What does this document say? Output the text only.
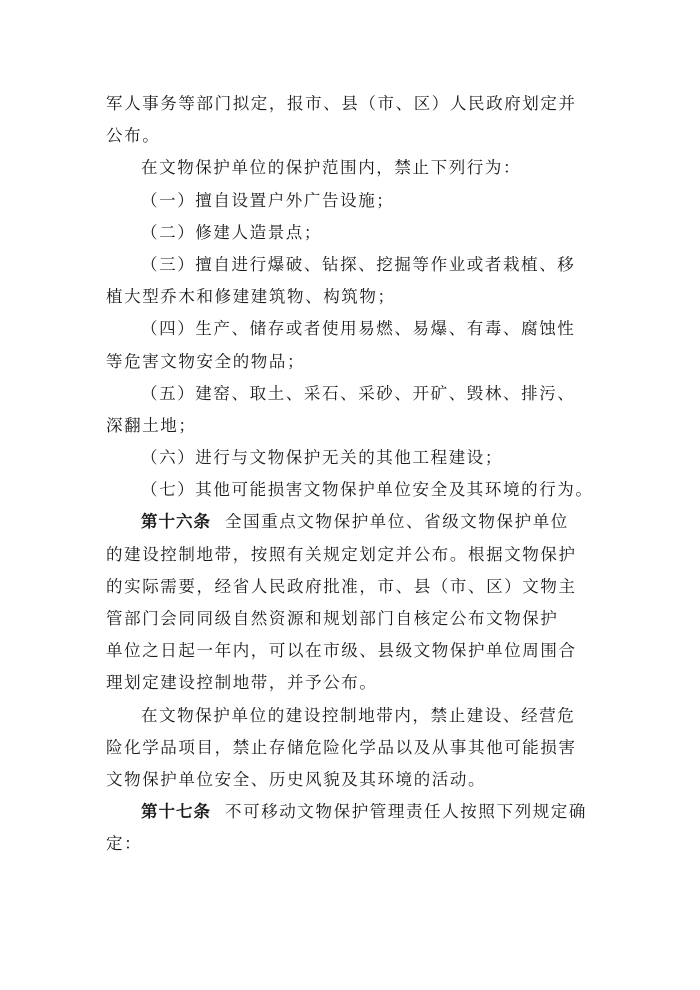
军人事务等部门拟定，报市、县（市、区）人民政府划定并
公布。
在文物保护单位的保护范围内，禁止下列行为：
（一）擅自设置户外广告设施；
（二）修建人造景点；
（三）擅自进行爆破、钻探、挖掘等作业或者栽植、移
植大型乔木和修建建筑物、构筑物；
（四）生产、储存或者使用易燃、易爆、有毒、腐蚀性
等危害文物安全的物品；
（五）建窑、取土、采石、采砂、开矿、毁林、排污、
深翻土地；
（六）进行与文物保护无关的其他工程建设；
（七）其他可能损害文物保护单位安全及其环境的行为。
第十六条 全国重点文物保护单位、省级文物保护单位
的建设控制地带，按照有关规定划定并公布。根据文物保护
的实际需要，经省人民政府批准，市、县（市、区）文物主
管部门会同同级自然资源和规划部门自核定公布文物保护
单位之日起一年内，可以在市级、县级文物保护单位周围合
理划定建设控制地带，并予公布。
在文物保护单位的建设控制地带内，禁止建设、经营危
险化学品项目，禁止存储危险化学品以及从事其他可能损害
文物保护单位安全、历史风貌及其环境的活动。
第十七条 不可移动文物保护管理责任人按照下列规定确
定：
